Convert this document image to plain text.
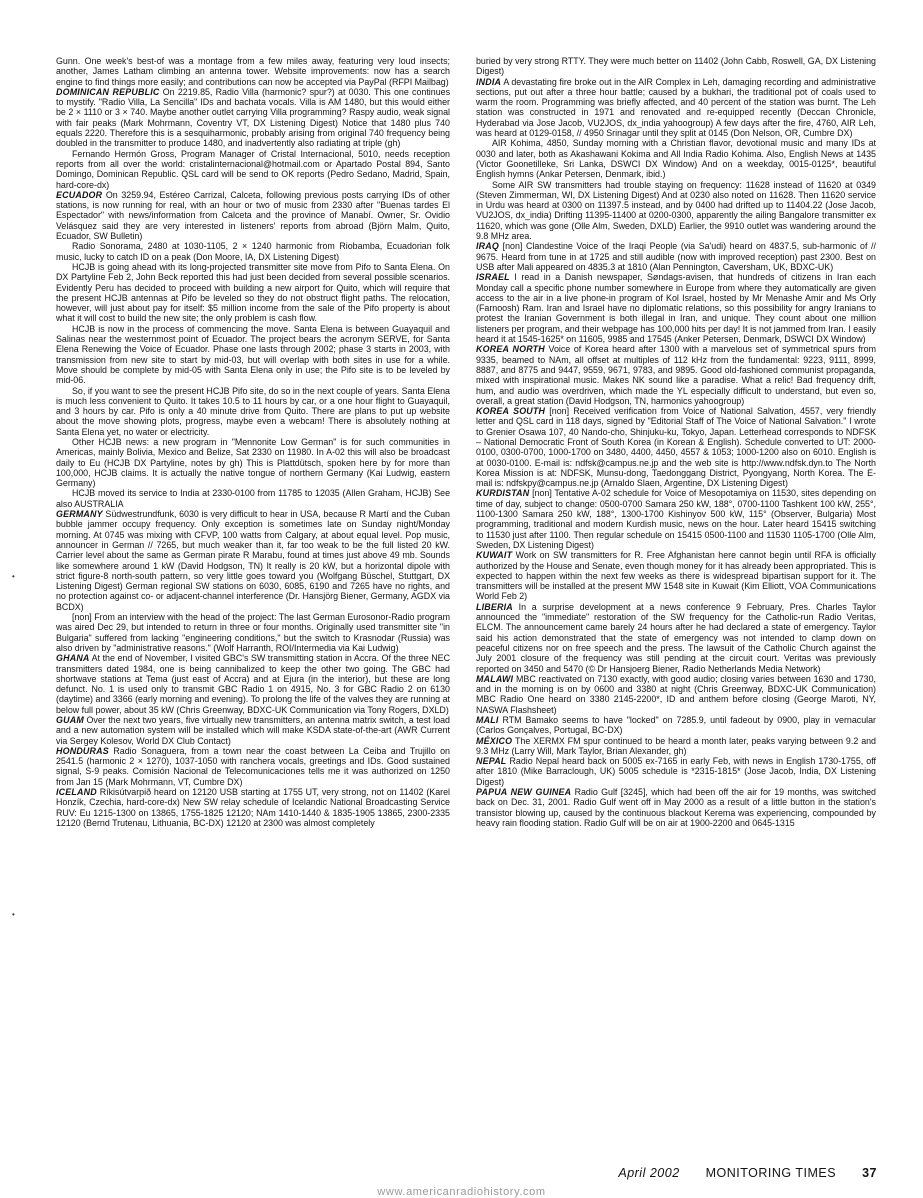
Gunn. One week's best-of was a montage from a few miles away, featuring very loud insects; another, James Latham climbing an antenna tower. Website improvements: now has a search engine to find things more easily; and contributions can now be accepted via PayPal (RFPI Mailbag)
DOMINICAN REPUBLIC On 2219.85, Radio Villa (harmonic? spur?) at 0030. This one continues to mystify. "Radio Villa, La Sencilla" IDs and bachata vocals. Villa is AM 1480, but this would either be 2 × 1110 or 3 × 740. Maybe another outlet carrying Villa programming? Raspy audio, weak signal with fair peaks (Mark Mohrmann, Coventry VT, DX Listening Digest) Notice that 1480 plus 740 equals 2220. Therefore this is a sesquiharmonic, probably arising from original 740 frequency being doubled in the transmitter to produce 1480, and inadvertently also radiating at triple (gh)
Fernando Hermón Gross, Program Manager of Cristal Internacional, 5010, needs reception reports from all over the world: cristalinternacional@hotmail.com or Apartado Postal 894, Santo Domingo, Dominican Republic. QSL card will be send to OK reports (Pedro Sedano, Madrid, Spain, hard-core-dx)
ECUADOR On 3259.94, Estéreo Carrizal, Calceta, following previous posts carrying IDs of other stations, is now running for real, with an hour or two of music from 2330 after "Buenas tardes El Espectador" with news/information from Calceta and the province of Manabí. Owner, Sr. Ovidio Velásquez said they are very interested in listeners' reports from abroad (Björn Malm, Quito, Ecuador, SW Bulletin)
Radio Sonorama, 2480 at 1030-1105, 2 × 1240 harmonic from Riobamba, Ecuadorian folk music, lucky to catch ID on a peak (Don Moore, IA, DX Listening Digest)
HCJB is going ahead with its long-projected transmitter site move from Pifo to Santa Elena. On DX Partyline Feb 2, John Beck reported this had just been decided from several possible scenarios. Evidently Peru has decided to proceed with building a new airport for Quito, which will require that the present HCJB antennas at Pifo be leveled so they do not obstruct flight paths. The relocation, however, will just about pay for itself: $5 million income from the sale of the Pifo property is about what it will cost to build the new site; the only problem is cash flow.
HCJB is now in the process of commencing the move. Santa Elena is between Guayaquil and Salinas near the westernmost point of Ecuador. The project bears the acronym SERVE, for Santa Elena Renewing the Voice of Ecuador. Phase one lasts through 2002; phase 3 starts in 2003, with transmission from new site to start by mid-03, but will overlap with both sites in use for a while. Move should be complete by mid-05 with Santa Elena only in use; the Pifo site is to be leveled by mid-06.
So, if you want to see the present HCJB Pifo site, do so in the next couple of years. Santa Elena is much less convenient to Quito. It takes 10.5 to 11 hours by car, or a one hour flight to Guayaquil, and 3 hours by car. Pifo is only a 40 minute drive from Quito. There are plans to put up website about the move showing plots, progress, maybe even a webcam! There is absolutely nothing at Santa Elena yet, no water or electricity.
Other HCJB news: a new program in "Mennonite Low German" is for such communities in Americas, mainly Bolivia, Mexico and Belize, Sat 2330 on 11980. In A-02 this will also be broadcast daily to Eu (HCJB DX Partyline, notes by gh) This is Plattdütsch, spoken here by for more than 100,000, HCJB claims. It is actually the native tongue of northern Germany (Kai Ludwig, eastern Germany)
HCJB moved its service to India at 2330-0100 from 11785 to 12035 (Allen Graham, HCJB) See also AUSTRALIA
GERMANY Südwestrundfunk, 6030 is very difficult to hear in USA, because R Martí and the Cuban bubble jammer occupy frequency. Only exception is sometimes late on Sunday night/Monday morning. At 0745 was mixing with CFVP, 100 watts from Calgary, at about equal level. Pop music, announcer in German // 7265, but much weaker than it, far too weak to be the full listed 20 kW. Carrier level about the same as German pirate R Marabu, found at times just above 49 mb. Sounds like somewhere around 1 kW (David Hodgson, TN) It really is 20 kW, but a horizontal dipole with strict figure-8 north-south pattern, so very little goes toward you (Wolfgang Büschel, Stuttgart, DX Listening Digest) German regional SW stations on 6030, 6085, 6190 and 7265 have no rights, and no protection against co- or adjacent-channel interference (Dr. Hansjörg Biener, Germany, AGDX via BCDX)
[non] From an interview with the head of the project: The last German Eurosonor-Radio program was aired Dec 29, but intended to return in three or four months. Originally used transmitter site "in Bulgaria" suffered from lacking "engineering conditions," but the switch to Krasnodar (Russia) was also driven by "administrative reasons." (Wolf Harranth, ROI/Intermedia via Kai Ludwig)
GHANA At the end of November, I visited GBC's SW transmitting station in Accra. Of the three NEC transmitters dated 1984, one is being cannibalized to keep the other two going. The GBC had shortwave stations at Tema (just east of Accra) and at Ejura (in the interior), but these are long defunct. No. 1 is used only to transmit GBC Radio 1 on 4915, No. 3 for GBC Radio 2 on 6130 (daytime) and 3366 (early morning and evening). To prolong the life of the valves they are running at below full power, about 35 kW (Chris Greenway, BDXC-UK Communication via Tony Rogers, DXLD)
GUAM Over the next two years, five virtually new transmitters, an antenna matrix switch, a test load and a new automation system will be installed which will make KSDA state-of-the-art (AWR Current via Sergey Kolesov, World DX Club Contact)
HONDURAS Radio Sonaguera, from a town near the coast between La Ceiba and Trujillo on 2541.5 (harmonic 2 × 1270), 1037-1050 with ranchera vocals, greetings and IDs. Good sustained signal, S-9 peaks. Comisión Nacional de Telecomunicaciones tells me it was authorized on 1250 from Jan 15 (Mark Mohrmann, VT, Cumbre DX)
ICELAND Ríkisútvarpið heard on 12120 USB starting at 1755 UT, very strong, not on 11402 (Karel Honzík, Czechia, hard-core-dx) New SW relay schedule of Icelandic National Broadcasting Service RUV: Eu 1215-1300 on 13865, 1755-1825 12120; NAm 1410-1440 & 1835-1905 13865, 2300-2335 12120 (Bernd Trutenau, Lithuania, BC-DX) 12120 at 2300 was almost completely
buried by very strong RTTY. They were much better on 11402 (John Cabb, Roswell, GA, DX Listening Digest)
INDIA A devastating fire broke out in the AIR Complex in Leh, damaging recording and administrative sections, put out after a three hour battle; caused by a bukhari, the traditional pot of coals used to warm the room. Programming was briefly affected, and 40 percent of the station was burnt. The Leh station was constructed in 1971 and renovated and re-equipped recently (Deccan Chronicle, Hyderabad via Jose Jacob, VU2JOS, dx_india yahoogroup) A few days after the fire, 4760, AIR Leh, was heard at 0129-0158, // 4950 Srinagar until they split at 0145 (Don Nelson, OR, Cumbre DX)
AIR Kohima, 4850, Sunday morning with a Christian flavor, devotional music and many IDs at 0030 and later, both as Akashawani Kokima and All India Radio Kohima. Also, English News at 1435 (Victor Goonetilleke, Sri Lanka, DSWCI DX Window) And on a weekday, 0015-0125*, beautiful English hymns (Ankar Petersen, Denmark, ibid.)
Some AIR SW transmitters had trouble staying on frequency: 11628 instead of 11620 at 0349 (Steven Zimmerman, WI, DX Listening Digest) And at 0230 also noted on 11628. Then 11620 service in Urdu was heard at 0300 on 11397.5 instead, and by 0400 had drifted up to 11404.22 (Jose Jacob, VU2JOS, dx_india) Drifting 11395-11400 at 0200-0300, apparently the ailing Bangalore transmitter ex 11620, which was gone (Olle Alm, Sweden, DXLD) Earlier, the 9910 outlet was wandering around the 9.8 MHz area.
IRAQ [non] Clandestine Voice of the Iraqi People (via Sa'udi) heard on 4837.5, sub-harmonic of // 9675. Heard from tune in at 1725 and still audible (now with improved reception) past 2300. Best on USB after Mali appeared on 4835.3 at 1810 (Alan Pennington, Caversham, UK, BDXC-UK)
ISRAEL I read in a Danish newspaper, Søndags-avisen, that hundreds of citizens in Iran each Monday call a specific phone number somewhere in Europe from where they automatically are given access to the air in a live phone-in program of Kol Israel, hosted by Mr Menashe Amir and Ms Orly (Farnoosh) Ram. Iran and Israel have no diplomatic relations, so this possibility for angry Iranians to protest the Iranian Government is both illegal in Iran, and unique. They count about one million listeners per program, and their webpage has 100,000 hits per day! It is not jammed from Iran. I easily heard it at 1545-1625* on 11605, 9985 and 17545 (Anker Petersen, Denmark, DSWCI DX Window)
KOREA NORTH Voice of Korea heard after 1300 with a marvelous set of symmetrical spurs from 9335, beamed to NAm, all offset at multiples of 112 kHz from the fundamental: 9223, 9111, 8999, 8887, and 8775 and 9447, 9559, 9671, 9783, and 9895. Good old-fashioned communist propaganda, mixed with inspirational music. Makes NK sound like a paradise. What a relic! Bad frequency drift, hum, and audio was overdriven, which made the YL especially difficult to understand, but even so, overall, a great station (David Hodgson, TN, harmonics yahoogroup)
KOREA SOUTH [non] Received verification from Voice of National Salvation, 4557, very friendly letter and QSL card in 118 days, signed by "Editorial Staff of The Voice of National Salvation." I wrote to Grenier Osawa 107, 40 Nando-cho, Shinjuku-ku, Tokyo, Japan. Letterhead corresponds to NDFSK – National Democratic Front of South Korea (in Korean & English). Schedule converted to UT: 2000-0100, 0300-0700, 1000-1700 on 3480, 4400, 4450, 4557 & 1053; 1000-1200 also on 6010. English is at 0030-0100. E-mail is: ndfsk@campus.ne.jp and the web site is http://www.ndfsk.dyn.to The North Korea Mission is at: NDFSK, Munsu-dong, Taedonggang District, Pyongyang, North Korea. The E-mail is: ndfskpy@campus.ne.jp (Arnaldo Slaen, Argentine, DX Listening Digest)
KURDISTAN [non] Tentative A-02 schedule for Voice of Mesopotamiya on 11530, sites depending on time of day, subject to change: 0500-0700 Samara 250 kW, 188°, 0700-1100 Tashkent 100 kW, 255°, 1100-1300 Samara 250 kW, 188°, 1300-1700 Kishinyov 500 kW, 115° (Observer, Bulgaria) Most programming, traditional and modern Kurdish music, news on the hour. Later heard 15415 switching to 11530 just after 1100. Then regular schedule on 15415 0500-1100 and 11530 1105-1700 (Olle Alm, Sweden, DX Listening Digest)
KUWAIT Work on SW transmitters for R. Free Afghanistan here cannot begin until RFA is officially authorized by the House and Senate, even though money for it has already been appropriated. This is expected to happen within the next few weeks as there is widespread bipartisan support for it. The transmitters will be installed at the present MW 1548 site in Kuwait (Kim Elliott, VOA Communications World Feb 2)
LIBERIA In a surprise development at a news conference 9 February, Pres. Charles Taylor announced the "immediate" restoration of the SW frequency for the Catholic-run Radio Veritas, ELCM. The announcement came barely 24 hours after he had declared a state of emergency. Taylor said his action demonstrated that the state of emergency was not intended to clamp down on peaceful citizens nor on free speech and the press. The lawsuit of the Catholic Church against the July 2001 closure of the frequency was still pending at the circuit court. Veritas was previously reported on 3450 and 5470 (© Dr Hansjoerg Biener, Radio Netherlands Media Network)
MALAWI MBC reactivated on 7130 exactly, with good audio; closing varies between 1630 and 1730, and in the morning is on by 0600 and 3380 at night (Chris Greenway, BDXC-UK Communication) MBC Radio One heard on 3380 2145-2200*, ID and anthem before closing (George Maroti, NY, NASWA Flashsheet)
MALI RTM Bamako seems to have "locked" on 7285.9, until fadeout by 0900, play in vernacular (Carlos Gonçalves, Portugal, BC-DX)
MÉXICO The XERMX FM spur continued to be heard a month later, peaks varying between 9.2 and 9.3 MHz (Larry Will, Mark Taylor, Brian Alexander, gh)
NEPAL Radio Nepal heard back on 5005 ex-7165 in early Feb, with news in English 1730-1755, off after 1810 (Mike Barraclough, UK) 5005 schedule is *2315-1815* (Jose Jacob, India, DX Listening Digest)
PAPUA NEW GUINEA Radio Gulf [3245], which had been off the air for 19 months, was switched back on Dec. 31, 2001. Radio Gulf went off in May 2000 as a result of a little button in the station's transistor blowing up, caused by the continuous blackout Kerema was experiencing, compounded by heavy rain flooding station. Radio Gulf will be on air at 1900-2200 and 0645-1315
•
•
April 2002 MONITORING TIMES 37
www.americanradiohistory.com
